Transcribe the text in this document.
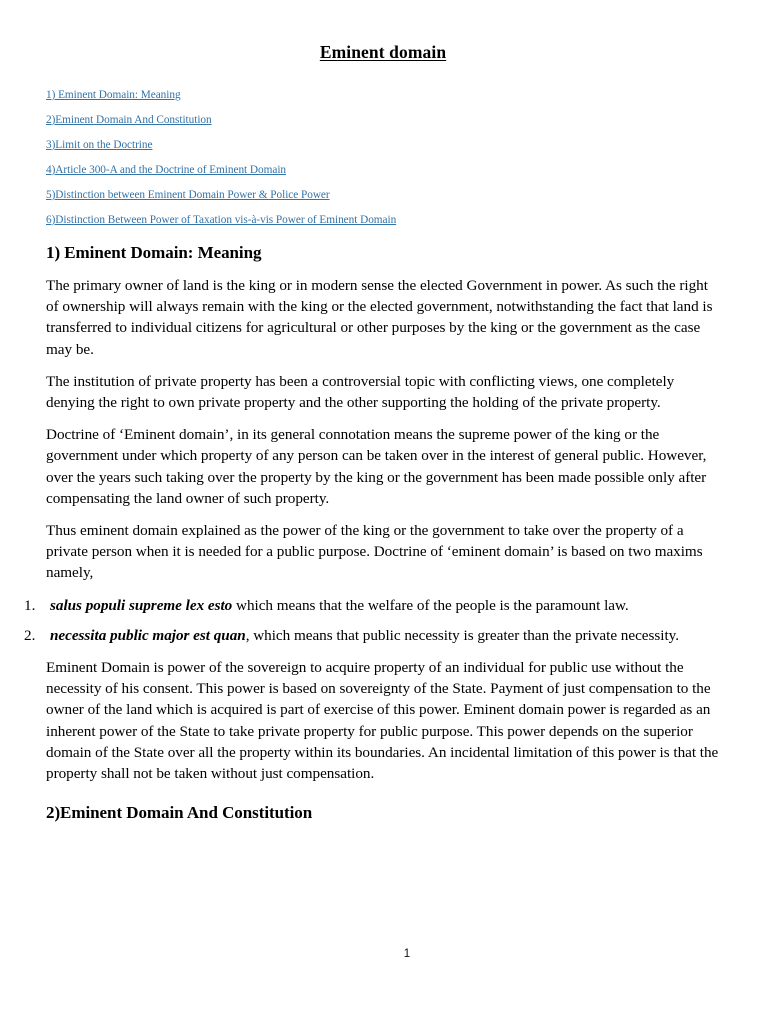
Eminent domain
1) Eminent Domain: Meaning
2)Eminent Domain And Constitution
3)Limit on the Doctrine
4)Article 300-A and the Doctrine of Eminent Domain
5)Distinction between Eminent Domain Power & Police Power
6)Distinction Between Power of Taxation vis-à-vis Power of Eminent Domain
1) Eminent Domain: Meaning

The primary owner of land is the king or in modern sense the elected Government in power. As such the right of ownership will always remain with the king or the elected government, notwithstanding the fact that land is transferred to individual citizens for agricultural or other purposes by the king or the government as the case may be.

The institution of private property has been a controversial topic with conflicting views, one completely denying the right to own private property and the other supporting the holding of the private property.

Doctrine of ‘Eminent domain’, in its general connotation means the supreme power of the king or the government under which property of any person can be taken over in the interest of general public. However, over the years such taking over the property by the king or the government has been made possible only after compensating the land owner of such property.

Thus eminent domain explained as the power of the king or the government to take over the property of a private person when it is needed for a public purpose. Doctrine of ‘eminent domain’ is based on two maxims namely,

1. salus populi supreme lex esto which means that the welfare of the people is the paramount law.
2. necessita public major est quan, which means that public necessity is greater than the private necessity.

Eminent Domain is power of the sovereign to acquire property of an individual for public use without the necessity of his consent. This power is based on sovereignty of the State. Payment of just compensation to the owner of the land which is acquired is part of exercise of this power. Eminent domain power is regarded as an inherent power of the State to take private property for public purpose. This power depends on the superior domain of the State over all the property within its boundaries. An incidental limitation of this power is that the property shall not be taken without just compensation.

2)Eminent Domain And Constitution
1
